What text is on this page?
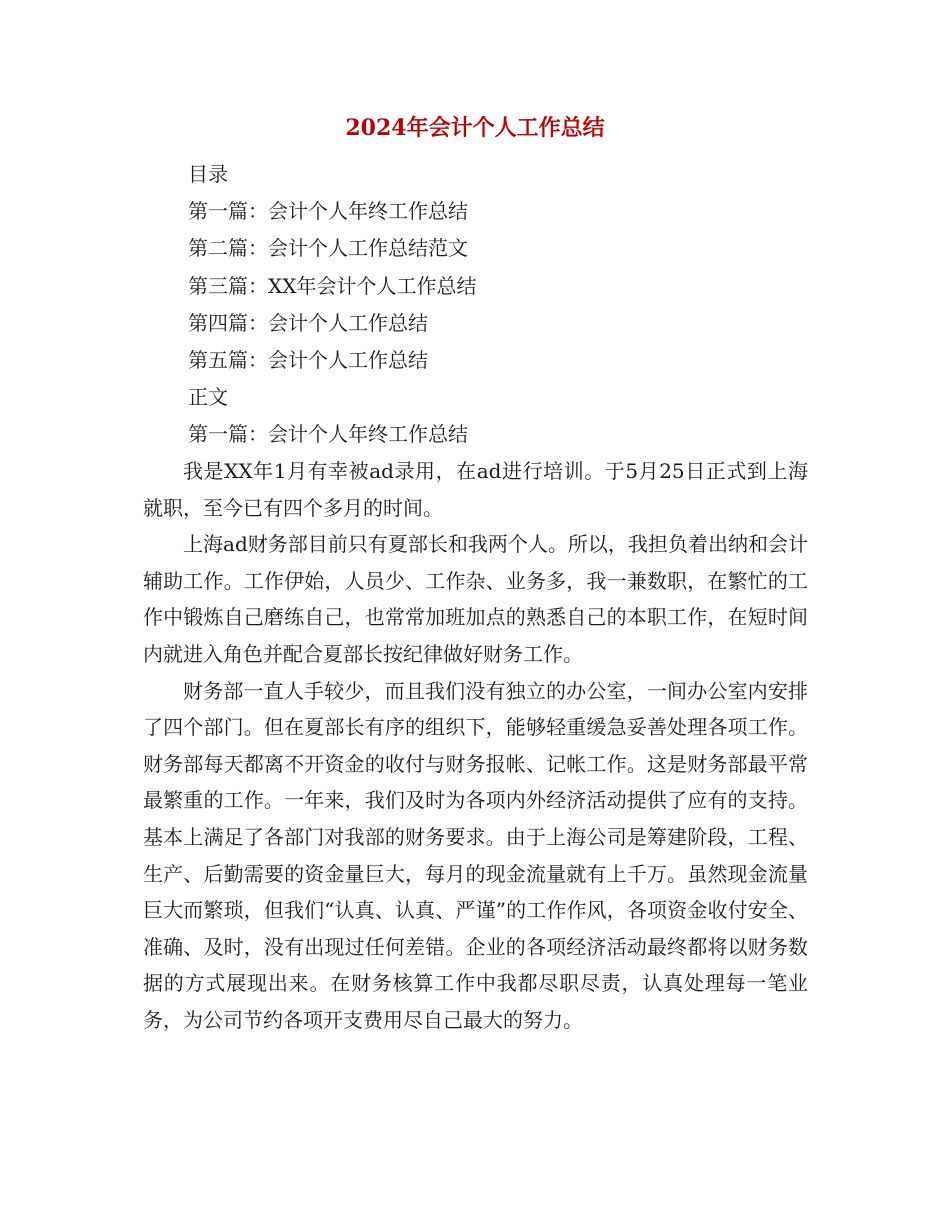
2024年会计个人工作总结
目录
第一篇：会计个人年终工作总结
第二篇：会计个人工作总结范文
第三篇：XX年会计个人工作总结
第四篇：会计个人工作总结
第五篇：会计个人工作总结
正文
第一篇：会计个人年终工作总结

我是XX年1月有幸被ad录用，在ad进行培训。于5月25日正式到上海就职，至今已有四个多月的时间。

上海ad财务部目前只有夏部长和我两个人。所以，我担负着出纳和会计辅助工作。工作伊始，人员少、工作杂、业务多，我一兼数职，在繁忙的工作中锻炼自己磨练自己，也常常加班加点的熟悉自己的本职工作，在短时间内就进入角色并配合夏部长按纪律做好财务工作。

财务部一直人手较少，而且我们没有独立的办公室，一间办公室内安排了四个部门。但在夏部长有序的组织下，能够轻重缓急妥善处理各项工作。财务部每天都离不开资金的收付与财务报帐、记帐工作。这是财务部最平常最繁重的工作。一年来，我们及时为各项内外经济活动提供了应有的支持。基本上满足了各部门对我部的财务要求。由于上海公司是筹建阶段，工程、生产、后勤需要的资金量巨大，每月的现金流量就有上千万。虽然现金流量巨大而繁琐，但我们“认真、认真、严谨”的工作作风，各项资金收付安全、准确、及时，没有出现过任何差错。企业的各项经济活动最终都将以财务数据的方式展现出来。在财务核算工作中我都尽职尽责，认真处理每一笔业务，为公司节约各项开支费用尽自己最大的努力。
